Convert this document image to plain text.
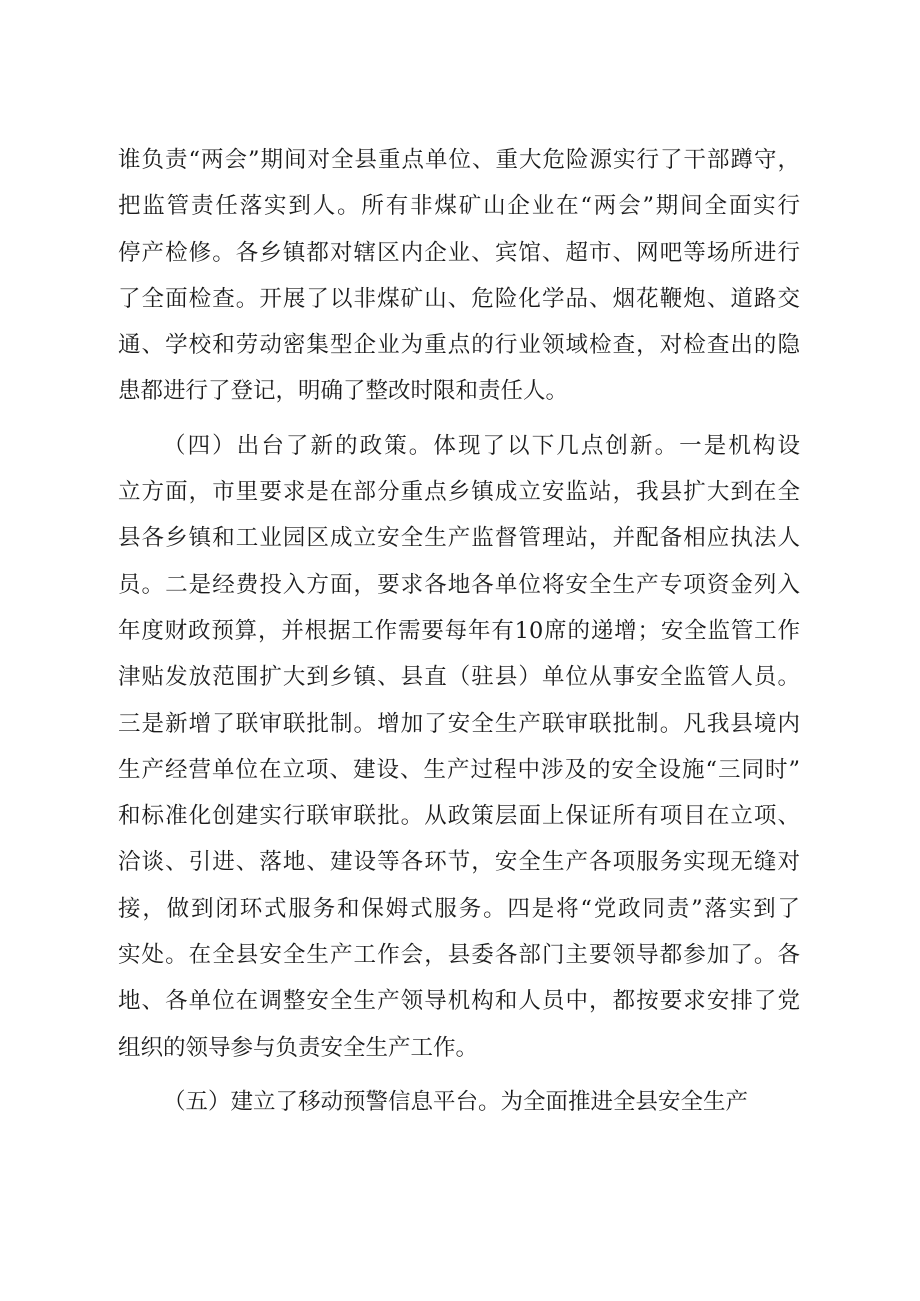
谁负责“两会”期间对全县重点单位、重大危险源实行了干部蹲守，
把监管责任落实到人。所有非煤矿山企业在“两会”期间全面实行
停产检修。各乡镇都对辖区内企业、宾馆、超市、网吧等场所进行
了全面检查。开展了以非煤矿山、危险化学品、烟花鞭炮、道路交
通、学校和劳动密集型企业为重点的行业领域检查，对检查出的隐
患都进行了登记，明确了整改时限和责任人。
（四）出台了新的政策。体现了以下几点创新。一是机构设
立方面，市里要求是在部分重点乡镇成立安监站，我县扩大到在全
县各乡镇和工业园区成立安全生产监督管理站，并配备相应执法人
员。二是经费投入方面，要求各地各单位将安全生产专项资金列入
年度财政预算，并根据工作需要每年有10席的递增；安全监管工作
津贴发放范围扩大到乡镇、县直（驻县）单位从事安全监管人员。
三是新增了联审联批制。增加了安全生产联审联批制。凡我县境内
生产经营单位在立项、建设、生产过程中涉及的安全设施“三同时”
和标准化创建实行联审联批。从政策层面上保证所有项目在立项、
洽谈、引进、落地、建设等各环节，安全生产各项服务实现无缝对
接，做到闭环式服务和保姆式服务。四是将“党政同责”落实到了
实处。在全县安全生产工作会，县委各部门主要领导都参加了。各
地、各单位在调整安全生产领导机构和人员中，都按要求安排了党
组织的领导参与负责安全生产工作。
（五）建立了移动预警信息平台。为全面推进全县安全生产
